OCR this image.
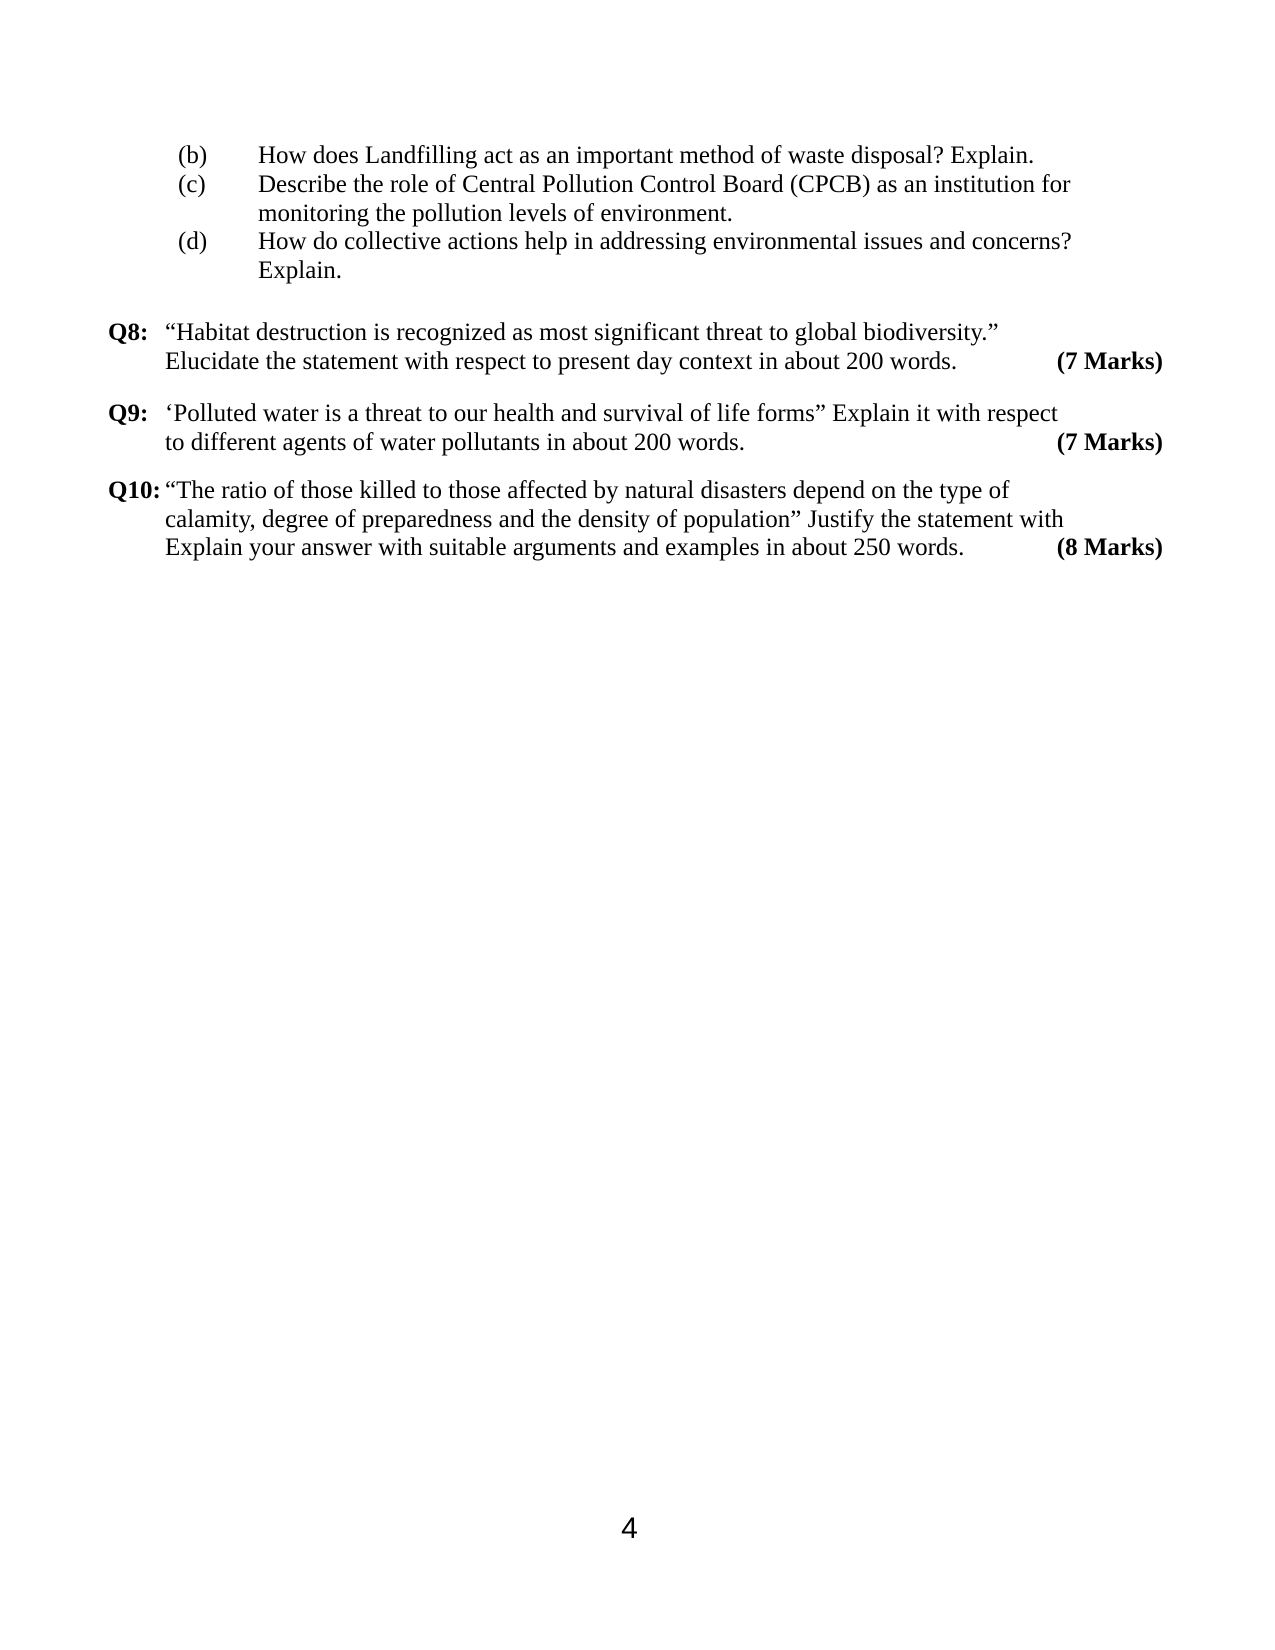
(b)	How does Landfilling act as an important method of waste disposal? Explain.
(c)	Describe the role of Central Pollution Control Board (CPCB) as an institution for
monitoring the pollution levels of environment.
(d)	How do collective actions help in addressing environmental issues and concerns?
Explain.
Q8: “Habitat destruction is recognized as most significant threat to global biodiversity.”
Elucidate the statement with respect to present day context in about 200 words.	(7 Marks)
Q9: ‘Polluted water is a threat to our health and survival of life forms” Explain it with respect
to different agents of water pollutants in about 200 words.	(7 Marks)
Q10: “The ratio of those killed to those affected by natural disasters depend on the type of
calamity, degree of preparedness and the density of population” Justify the statement with
Explain your answer with suitable arguments and examples in about 250 words.	(8 Marks)
4
